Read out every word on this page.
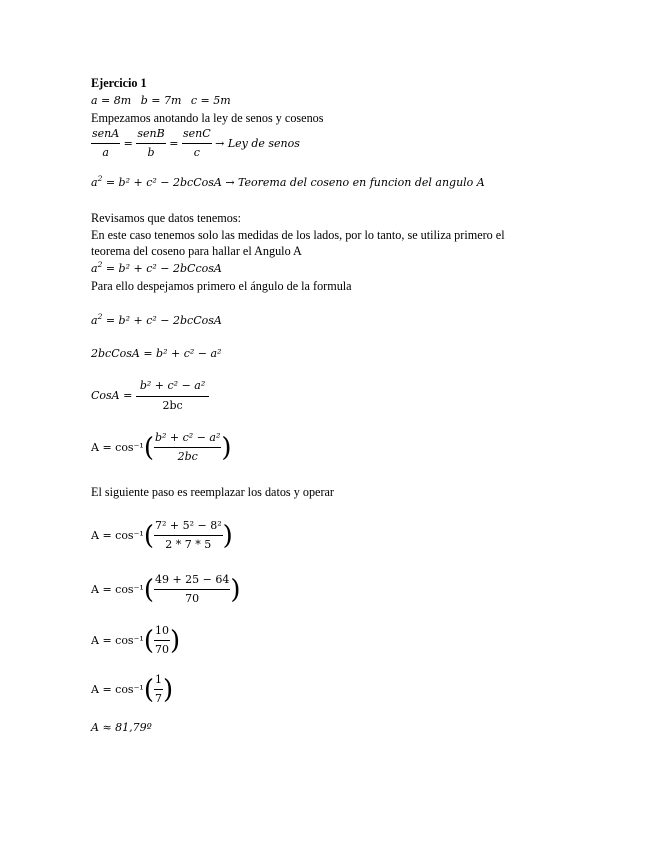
Ejercicio 1
a = 8m b = 7m c = 5m
Empezamos anotando la ley de senos y cosenos
$\frac{\text{senA}}{a} = \frac{\text{senB}}{b} = \frac{\text{senC}}{c}$
→ Ley de senos
$a^2 = b^2 + c^2$ − 2bcCosA → Teorema del coseno en funcion del angulo A
Revisamos que datos tenemos:
En este caso tenemos solo las medidas de los lados, por lo tanto, se utiliza primero el
teorema del coseno para hallar el Angulo A
$a^2 = b^2 + c^2 - 2bCcosA$
Para ello despejamos primero el ángulo de la formula
$a^2 = b^2 + c^2$ − 2bcCosA
2bcCosA = b² + c² − a²
CosA =
$\frac{\text{b² + c² − a²}}{2bc}$
A = cos⁻¹ ( $\frac{\text{b² + c² − a²}}{2bc}$ )
El siguiente paso es reemplazar los datos y operar
A = cos⁻¹ ( $\frac{\text{7² + 5² − 8²}}{2 * 7 * 5}$ )
A = cos⁻¹ ( $\frac{49 + 25 - 64}{70}$ )
A = cos⁻¹ ( $\frac{10}{70}$ )
A = cos⁻¹ ( $\frac{1}{7}$ )
A ≈ 81,79º
